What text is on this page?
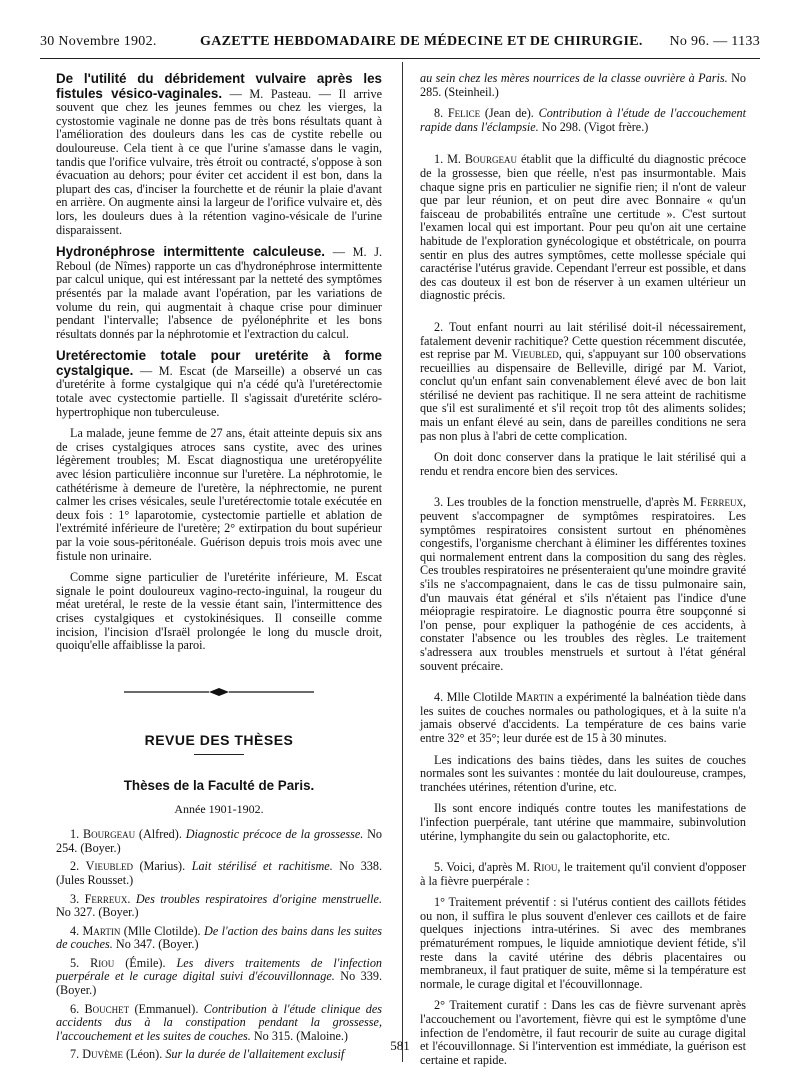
30 Novembre 1902.	GAZETTE HEBDOMADAIRE DE MÉDECINE ET DE CHIRURGIE. No 96. — 1133

De l'utilité du débridement vulvaire après les fistules vésico-vaginales. — M. Pasteau. — Il arrive souvent que chez les jeunes femmes ou chez les vierges, la cystostomie vaginale ne donne pas de très bons résultats quant à l'amélioration des douleurs dans les cas de cystite rebelle ou douloureuse. Cela tient à ce que l'urine s'amasse dans le vagin, tandis que l'orifice vulvaire, très étroit ou contracté, s'oppose à son évacuation au dehors; pour éviter cet accident il est bon, dans la plupart des cas, d'inciser la fourchette et de réunir la plaie d'avant en arrière. On augmente ainsi la largeur de l'orifice vulvaire et, dès lors, les douleurs dues à la rétention vagino-vésicale de l'urine disparaissent.

Hydronéphrose intermittente calculeuse. — M. J. Reboul (de Nîmes) rapporte un cas d'hydronéphrose intermittente par calcul unique, qui est intéressant par la netteté des symptômes présentés par la malade avant l'opération, par les variations de volume du rein, qui augmentait à chaque crise pour diminuer pendant l'intervalle; l'absence de pyélonéphrite et les bons résultats donnés par la néphrotomie et l'extraction du calcul.

Uretérectomie totale pour uretérite à forme cystalgique. — M. Escat (de Marseille) a observé un cas d'uretérite à forme cystalgique qui n'a cédé qu'à l'uretérectomie totale avec cystectomie partielle. Il s'agissait d'uretérite scléro-hypertrophique non tuberculeuse.

La malade, jeune femme de 27 ans, était atteinte depuis six ans de crises cystalgiques atroces sans cystite, avec des urines légèrement troubles; M. Escat diagnostiqua une uretéropyélite avec lésion particulière inconnue sur l'uretère. La néphrotomie, le cathétérisme à demeure de l'uretère, la néphrectomie, ne purent calmer les crises vésicales, seule l'uretérectomie totale exécutée en deux fois : 1° laparotomie, cystectomie partielle et ablation de l'extrémité inférieure de l'uretère; 2° extirpation du bout supérieur par la voie sous-péritonéale. Guérison depuis trois mois avec une fistule non urinaire.

Comme signe particulier de l'uretérite inférieure, M. Escat signale le point douloureux vagino-recto-inguinal, la rougeur du méat uretéral, le reste de la vessie étant sain, l'intermittence des crises cystalgiques et cystokinésiques. Il conseille comme incision, l'incision d'Israël prolongée le long du muscle droit, quoiqu'elle affaiblisse la paroi.

REVUE DES THÈSES
Thèses de la Faculté de Paris.
Année 1901-1902.

1. Bourgeau (Alfred). Diagnostic précoce de la grossesse. No 254. (Boyer.)

2. Vieubled (Marius). Lait stérilisé et rachitisme. No 338. (Jules Rousset.)

3. Ferreux. Des troubles respiratoires d'origine menstruelle. No 327. (Boyer.)

4. Martin (Mlle Clotilde). De l'action des bains dans les suites de couches. No 347. (Boyer.)

5. Riou (Émile). Les divers traitements de l'infection puerpérale et le curage digital suivi d'écouvillonnage. No 339. (Boyer.)

6. Bouchet (Emmanuel). Contribution à l'étude clinique des accidents dus à la constipation pendant la grossesse, l'accouchement et les suites de couches. No 315. (Maloine.)

7. Duvème (Léon). Sur la durée de l'allaitement exclusif

au sein chez les mères nourrices de la classe ouvrière à Paris. No 285. (Steinheil.)

8. Felice (Jean de). Contribution à l'étude de l'accouchement rapide dans l'éclampsie. No 298. (Vigot frère.)

1. M. Bourgeau établit que la difficulté du diagnostic précoce de la grossesse, bien que réelle, n'est pas insurmontable. Mais chaque signe pris en particulier ne signifie rien; il n'ont de valeur que par leur réunion, et on peut dire avec Bonnaire « qu'un faisceau de probabilités entraîne une certitude ». C'est surtout l'examen local qui est important. Pour peu qu'on ait une certaine habitude de l'exploration gynécologique et obstétricale, on pourra sentir en plus des autres symptômes, cette mollesse spéciale qui caractérise l'utérus gravide. Cependant l'erreur est possible, et dans des cas douteux il est bon de réserver à un examen ultérieur un diagnostic précis.

2. Tout enfant nourri au lait stérilisé doit-il nécessairement, fatalement devenir rachitique? Cette question récemment discutée, est reprise par M. Vieubled, qui, s'appuyant sur 100 observations recueillies au dispensaire de Belleville, dirigé par M. Variot, conclut qu'un enfant sain convenablement élevé avec de bon lait stérilisé ne devient pas rachitique. Il ne sera atteint de rachitisme que s'il est suralimenté et s'il reçoit trop tôt des aliments solides; mais un enfant élevé au sein, dans de pareilles conditions ne sera pas non plus à l'abri de cette complication.

On doit donc conserver dans la pratique le lait stérilisé qui a rendu et rendra encore bien des services.

3. Les troubles de la fonction menstruelle, d'après M. Ferreux, peuvent s'accompagner de symptômes respiratoires. Les symptômes respiratoires consistent surtout en phénomènes congestifs, l'organisme cherchant à éliminer les différentes toxines qui normalement entrent dans la composition du sang des règles. Ces troubles respiratoires ne présenteraient qu'une moindre gravité s'ils ne s'accompagnaient, dans le cas de tissu pulmonaire sain, d'un mauvais état général et s'ils n'étaient pas l'indice d'une méiopragie respiratoire. Le diagnostic pourra être soupçonné si l'on pense, pour expliquer la pathogénie de ces accidents, à constater l'absence ou les troubles des règles. Le traitement s'adressera aux troubles menstruels et surtout à l'état général souvent précaire.

4. Mlle Clotilde Martin a expérimenté la balnéation tiède dans les suites de couches normales ou pathologiques, et à la suite n'a jamais observé d'accidents. La température de ces bains varie entre 32° et 35°; leur durée est de 15 à 30 minutes.

Les indications des bains tièdes, dans les suites de couches normales sont les suivantes : montée du lait douloureuse, crampes, tranchées utérines, rétention d'urine, etc.

Ils sont encore indiqués contre toutes les manifestations de l'infection puerpérale, tant utérine que mammaire, subinvolution utérine, lymphangite du sein ou galactophorite, etc.

5. Voici, d'après M. Riou, le traitement qu'il convient d'opposer à la fièvre puerpérale :

1° Traitement préventif : si l'utérus contient des caillots fétides ou non, il suffira le plus souvent d'enlever ces caillots et de faire quelques injections intra-utérines. Si avec des membranes prématurément rompues, le liquide amniotique devient fétide, s'il reste dans la cavité utérine des débris placentaires ou membraneux, il faut pratiquer de suite, même si la température est normale, le curage digital et l'écouvillonnage.

2° Traitement curatif : Dans les cas de fièvre survenant après l'accouchement ou l'avortement, fièvre qui est le symptôme d'une infection de l'endomètre, il faut recourir de suite au curage digital et l'écouvillonnage. Si l'intervention est immédiate, la guérison est certaine et rapide.

581
